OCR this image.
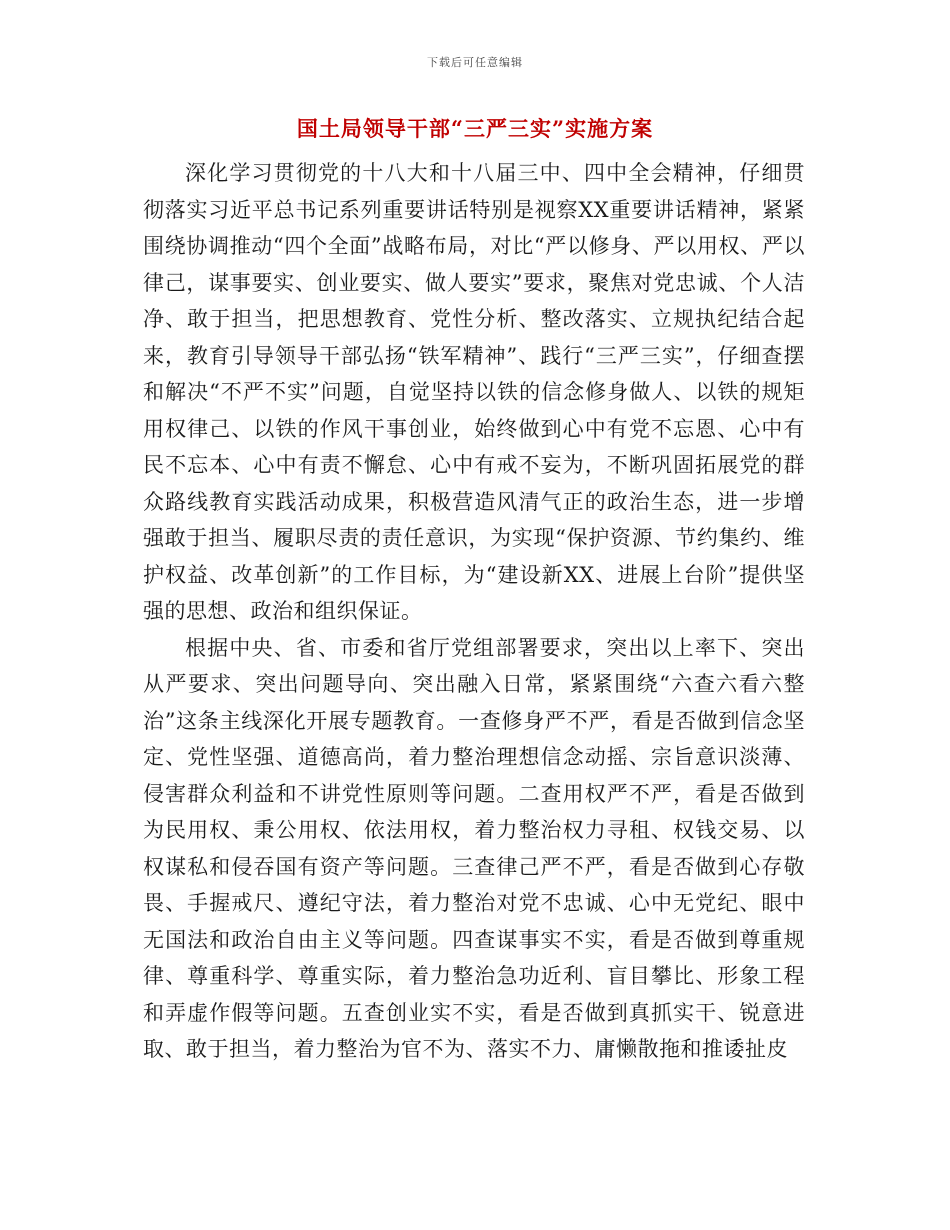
下载后可任意编辑
国土局领导干部“三严三实”实施方案

深化学习贯彻党的十八大和十八届三中、四中全会精神，仔细贯彻落实习近平总书记系列重要讲话特别是视察XX重要讲话精神，紧紧围绕协调推动“四个全面”战略布局，对比“严以修身、严以用权、严以律己，谋事要实、创业要实、做人要实”要求，聚焦对党忠诚、个人洁净、敢于担当，把思想教育、党性分析、整改落实、立规执纪结合起来，教育引导领导干部弘扬“铁军精神”、践行“三严三实”，仔细查摆和解决“不严不实”问题，自觉坚持以铁的信念修身做人、以铁的规矩用权律己、以铁的作风干事创业，始终做到心中有党不忘恩、心中有民不忘本、心中有责不懈怠、心中有戒不妄为，不断巩固拓展党的群众路线教育实践活动成果，积极营造风清气正的政治生态，进一步增强敢于担当、履职尽责的责任意识，为实现“保护资源、节约集约、维护权益、改革创新”的工作目标，为“建设新XX、进展上台阶”提供坚强的思想、政治和组织保证。

根据中央、省、市委和省厅党组部署要求，突出以上率下、突出从严要求、突出问题导向、突出融入日常，紧紧围绕“六查六看六整治”这条主线深化开展专题教育。一查修身严不严，看是否做到信念坚定、党性坚强、道德高尚，着力整治理想信念动摇、宗旨意识淡薄、侵害群众利益和不讲党性原则等问题。二查用权严不严，看是否做到为民用权、秉公用权、依法用权，着力整治权力寻租、权钱交易、以权谋私和侵吞国有资产等问题。三查律己严不严，看是否做到心存敬畏、手握戒尺、遵纪守法，着力整治对党不忠诚、心中无党纪、眼中无国法和政治自由主义等问题。四查谋事实不实，看是否做到尊重规律、尊重科学、尊重实际，着力整治急功近利、盲目攀比、形象工程和弄虚作假等问题。五查创业实不实，看是否做到真抓实干、锐意进取、敢于担当，着力整治为官不为、落实不力、庸懒散拖和推诿扯皮
